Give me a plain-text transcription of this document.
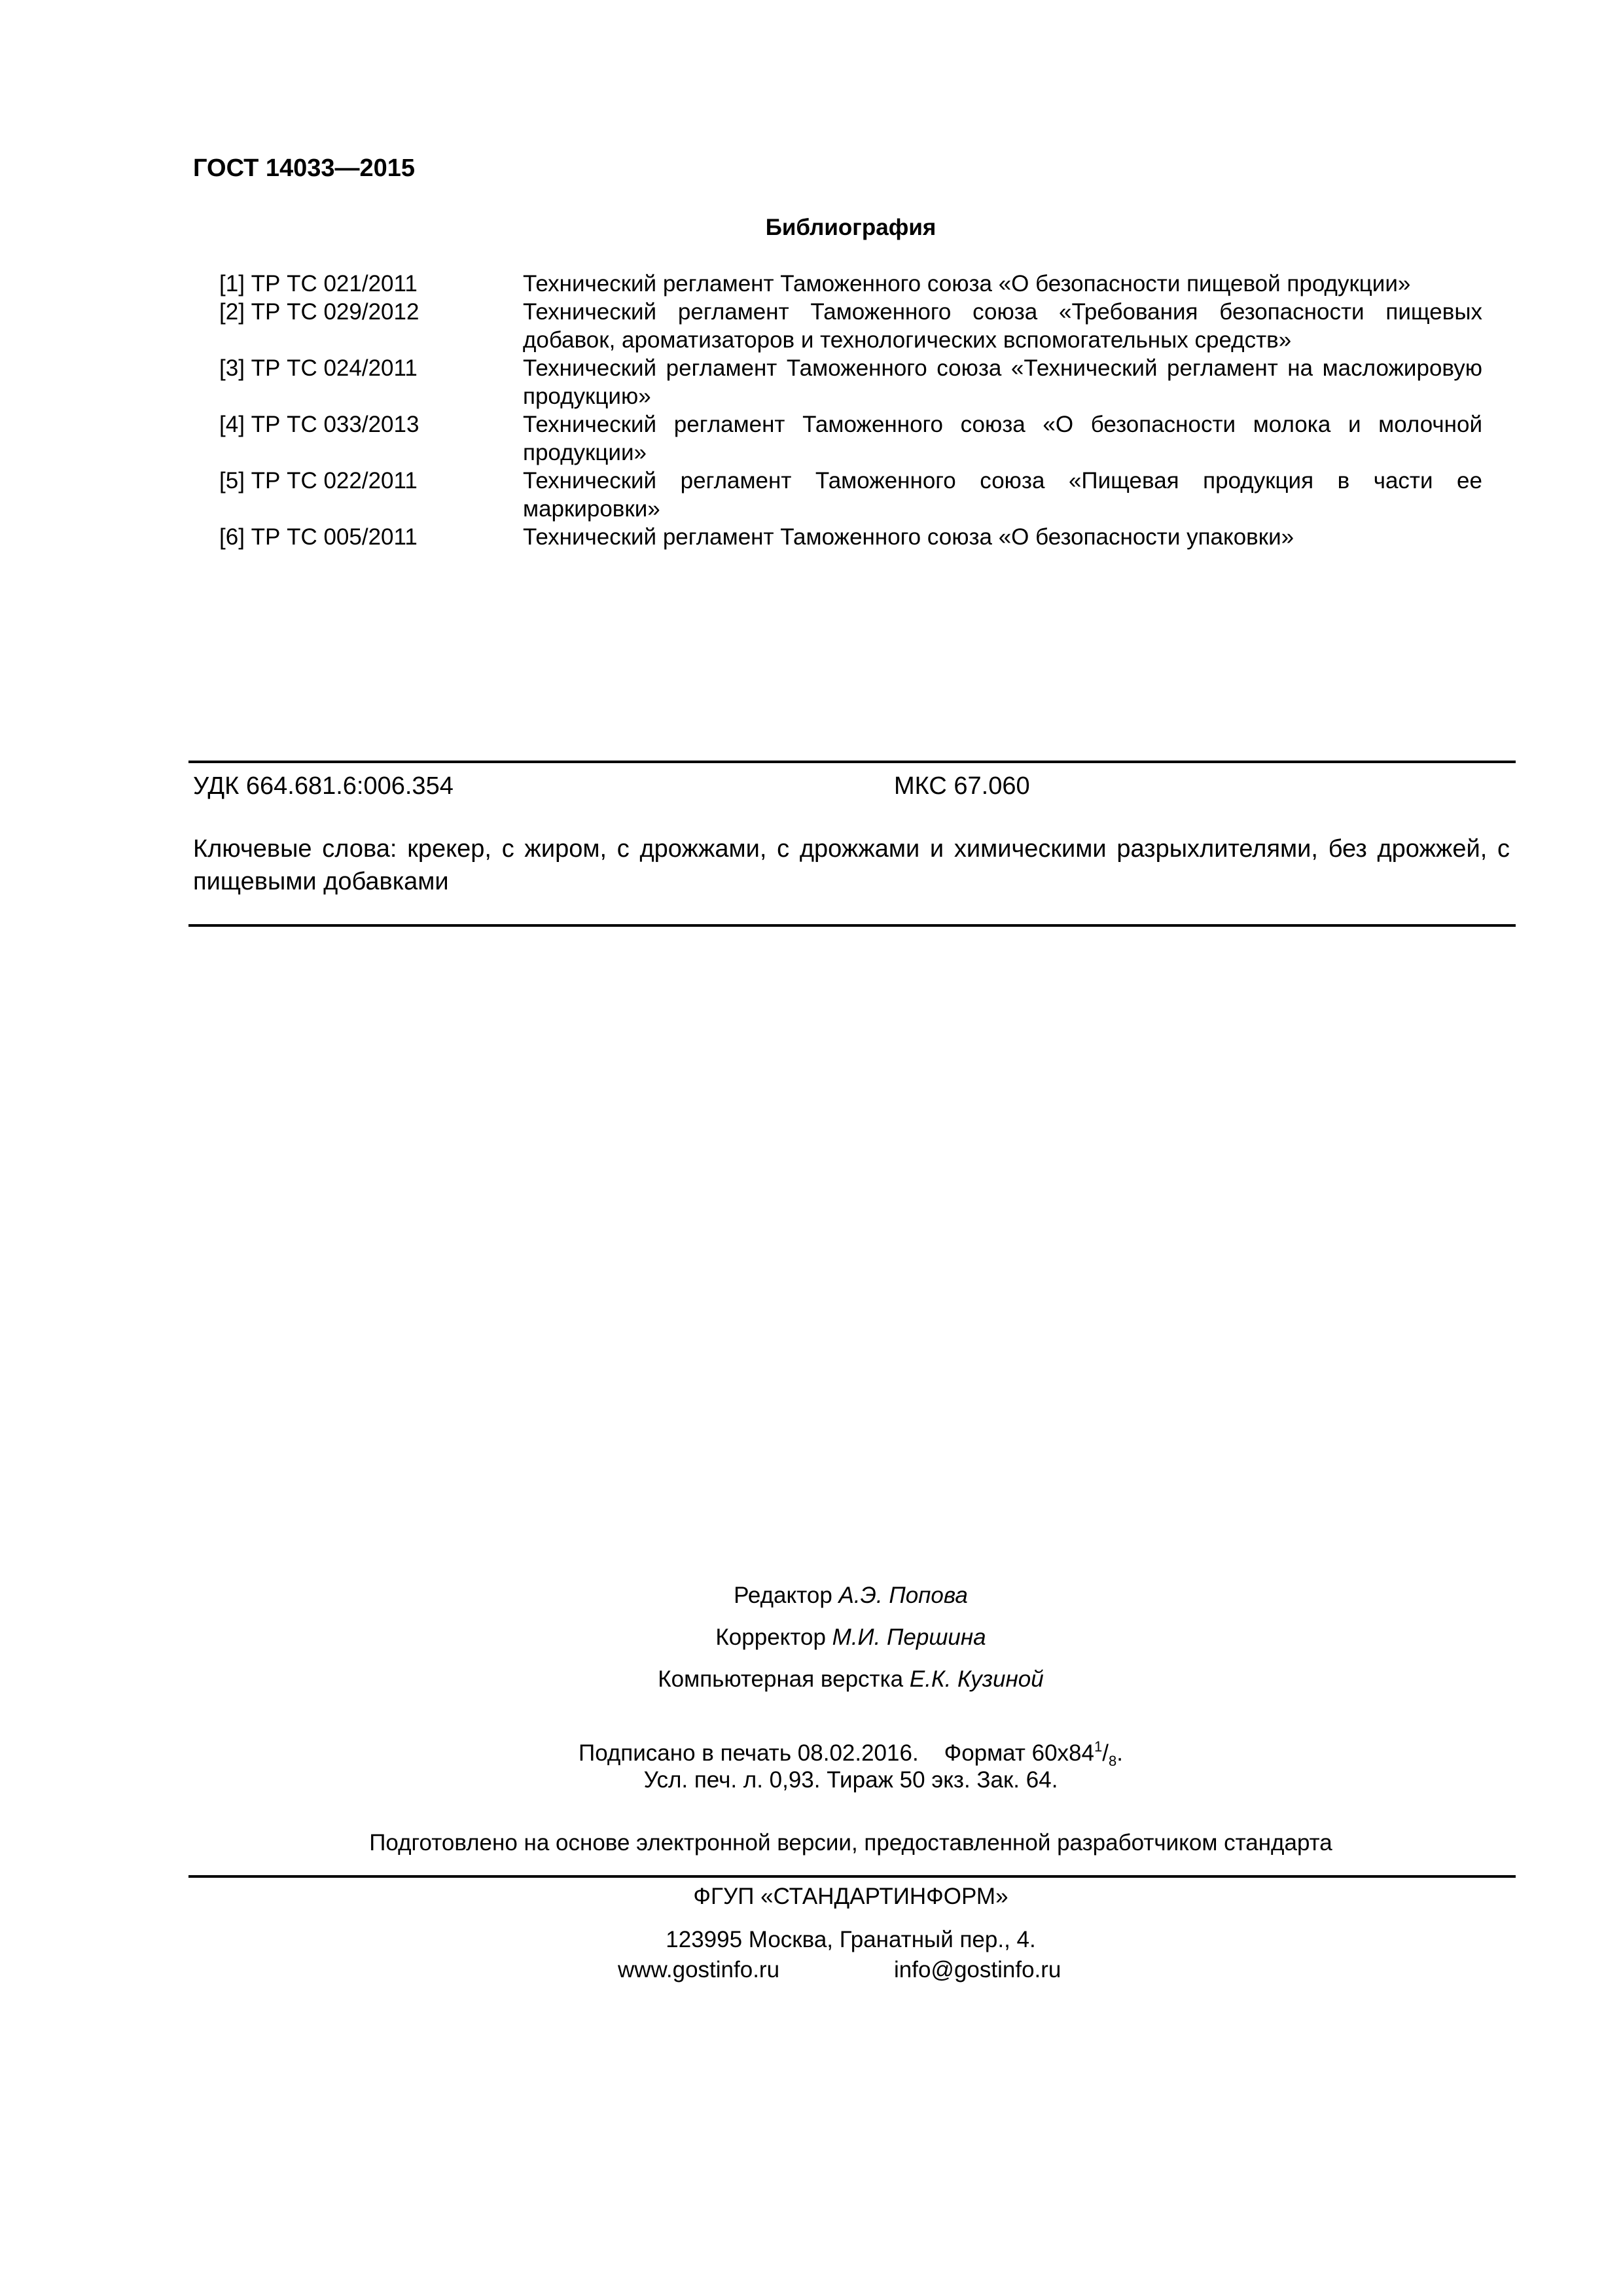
ГОСТ 14033—2015
Библиография
[1] ТР ТС 021/2011	Технический регламент Таможенного союза «О безопасности пищевой продукции»
[2] ТР ТС 029/2012	Технический регламент Таможенного союза «Требования безопасности пищевых добавок, ароматизаторов и технологических вспомогательных средств»
[3] ТР ТС 024/2011	Технический регламент Таможенного союза «Технический регламент на масложировую продукцию»
[4] ТР ТС 033/2013	Технический регламент Таможенного союза «О безопасности молока и молочной продукции»
[5] ТР ТС 022/2011	Технический регламент Таможенного союза «Пищевая продукция в части ее маркировки»
[6] ТР ТС 005/2011	Технический регламент Таможенного союза «О безопасности упаковки»
УДК 664.681.6:006.354	МКС 67.060
Ключевые слова: крекер, с жиром, с дрожжами, с дрожжами и химическими разрыхлителями, без дрожжей, с пищевыми добавками
Редактор А.Э. Попова
Корректор М.И. Першина
Компьютерная верстка Е.К. Кузиной
Подписано в печать 08.02.2016.    Формат $60х84^1/_8$.
Усл. печ. л. 0,93. Тираж 50 экз. Зак. 64.
Подготовлено на основе электронной версии, предоставленной разработчиком стандарта
ФГУП «СТАНДАРТИНФОРМ»
123995 Москва, Гранатный пер., 4.
www.gostinfo.ru	info@gostinfo.ru
